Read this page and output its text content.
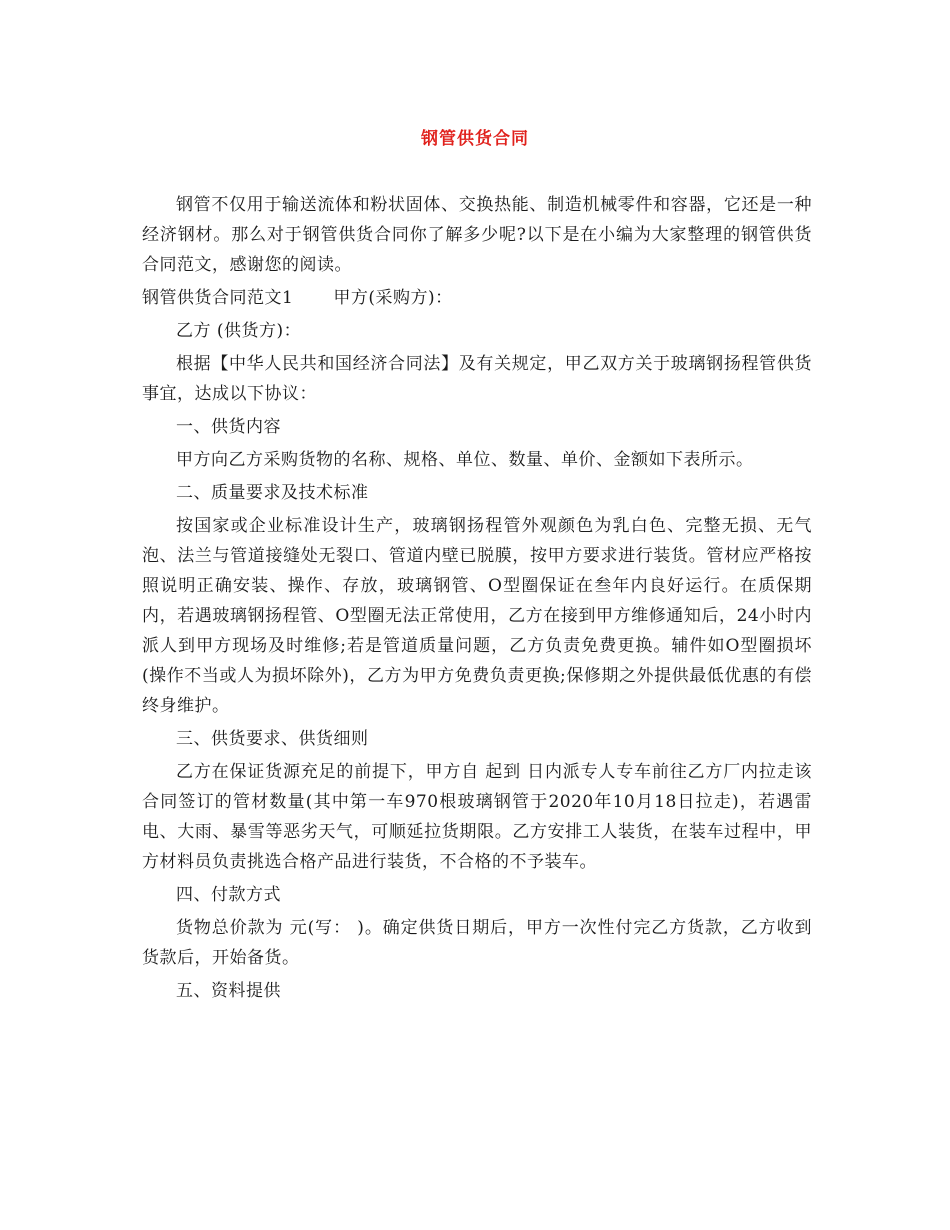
钢管供货合同

钢管不仅用于输送流体和粉状固体、交换热能、制造机械零件和容器，它还是一种经济钢材。那么对于钢管供货合同你了解多少呢?以下是在小编为大家整理的钢管供货合同范文，感谢您的阅读。

钢管供货合同范文1 甲方(采购方)：

乙方 (供货方)：

根据【中华人民共和国经济合同法】及有关规定，甲乙双方关于玻璃钢扬程管供货事宜，达成以下协议：

一、供货内容

甲方向乙方采购货物的名称、规格、单位、数量、单价、金额如下表所示。

二、质量要求及技术标准

按国家或企业标准设计生产，玻璃钢扬程管外观颜色为乳白色、完整无损、无气泡、法兰与管道接缝处无裂口、管道内壁已脱膜，按甲方要求进行装货。管材应严格按照说明正确安装、操作、存放，玻璃钢管、O型圈保证在叁年内良好运行。在质保期内，若遇玻璃钢扬程管、O型圈无法正常使用，乙方在接到甲方维修通知后，24小时内派人到甲方现场及时维修;若是管道质量问题，乙方负责免费更换。辅件如O型圈损坏(操作不当或人为损坏除外)，乙方为甲方免费负责更换;保修期之外提供最低优惠的有偿终身维护。

三、供货要求、供货细则

乙方在保证货源充足的前提下，甲方自 起到 日内派专人专车前往乙方厂内拉走该合同签订的管材数量(其中第一车970根玻璃钢管于2020年10月18日拉走)，若遇雷电、大雨、暴雪等恶劣天气，可顺延拉货期限。乙方安排工人装货，在装车过程中，甲方材料员负责挑选合格产品进行装货，不合格的不予装车。

四、付款方式

货物总价款为 元(写： )。确定供货日期后，甲方一次性付完乙方货款，乙方收到货款后，开始备货。

五、资料提供
